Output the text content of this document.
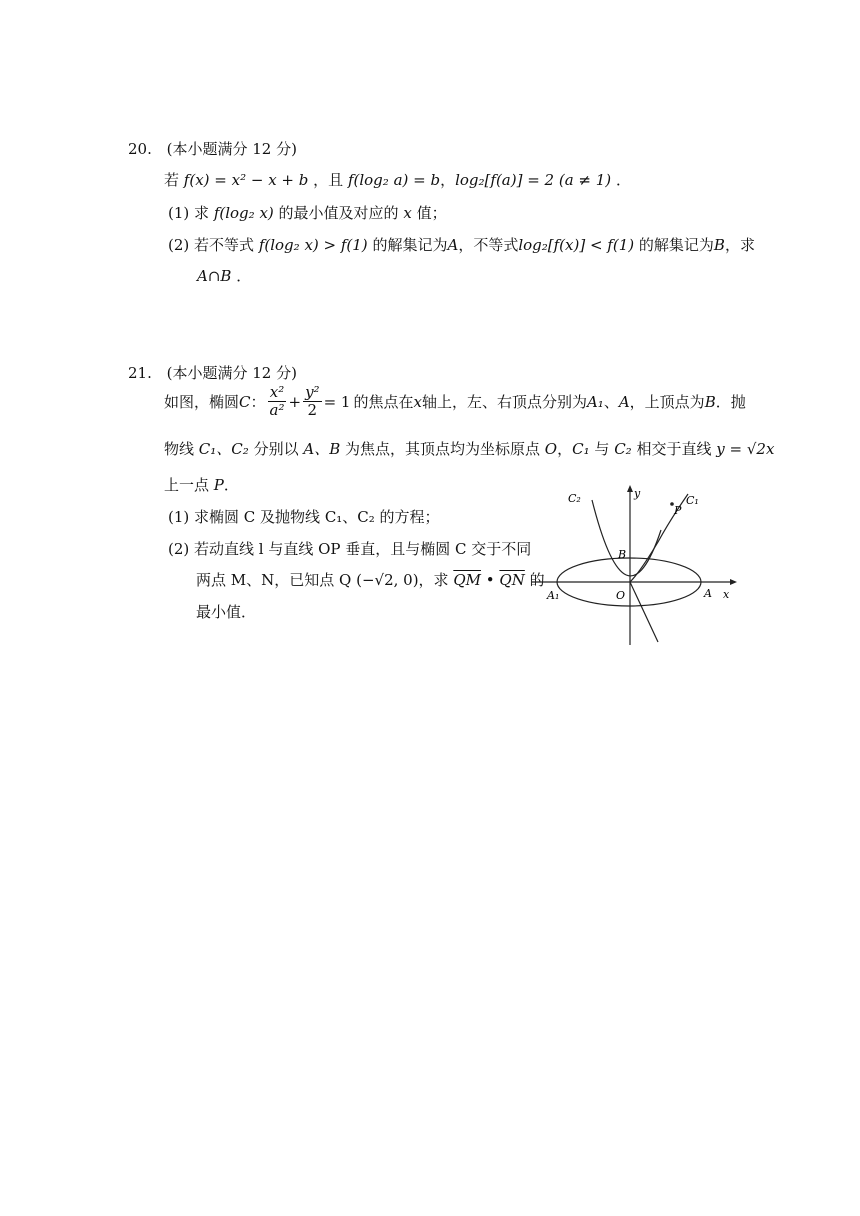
20. (本小题满分 12 分)
若 f(x) = x² − x + b ，且 f(log₂ a) = b，log₂[f(a)] = 2 (a ≠ 1) ．
(1) 求 f(log₂ x) 的最小值及对应的 x 值；
(2) 若不等式 f(log₂ x) > f(1) 的解集记为A，不等式log₂[f(x)] < f(1) 的解集记为B，求
A∩B ．
21. (本小题满分 12 分)
如图，椭圆 C ： $\frac{\text{x²}}{\text{a²}} + \frac{\text{y²}}{2} = 1$ 的焦点在 x 轴上，左、右顶点分别为 A₁ 、 A ，上顶点为 B ．抛
物线 C₁、C₂ 分别以 A、B 为焦点，其顶点均为坐标原点 O，C₁ 与 C₂ 相交于直线 y = √2x
上一点 P．
(1) 求椭圆 C 及抛物线 C₁、C₂ 的方程；
(2) 若动直线 l 与直线 OP 垂直，且与椭圆 C 交于不同
两点 M、N，已知点 Q (−√2, 0)，求 $\overline{QM}$ • $\overline{QN}$ 的
最小值．
C₂	y
C₁
P
B
A₁	O	A x
